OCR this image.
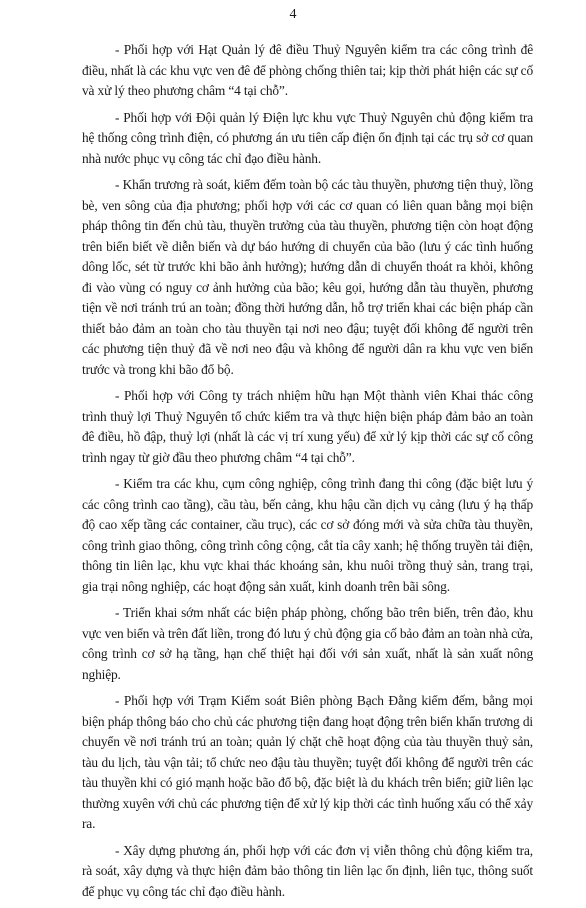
4

- Phối hợp với Hạt Quản lý đê điều Thuỷ Nguyên kiểm tra các công trình đê điều, nhất là các khu vực ven đê để phòng chống thiên tai; kịp thời phát hiện các sự cố và xử lý theo phương châm “4 tại chỗ”.

- Phối hợp với Đội quản lý Điện lực khu vực Thuỷ Nguyên chủ động kiểm tra hệ thống công trình điện, có phương án ưu tiên cấp điện ổn định tại các trụ sở cơ quan nhà nước phục vụ công tác chỉ đạo điều hành.

- Khẩn trương rà soát, kiểm đếm toàn bộ các tàu thuyền, phương tiện thuỷ, lồng bè, ven sông của địa phương; phối hợp với các cơ quan có liên quan bằng mọi biện pháp thông tin đến chủ tàu, thuyền trưởng của tàu thuyền, phương tiện còn hoạt động trên biển biết về diễn biến và dự báo hướng di chuyển của bão (lưu ý các tình huống dông lốc, sét từ trước khi bão ảnh hưởng); hướng dẫn di chuyển thoát ra khỏi, không đi vào vùng có nguy cơ ảnh hưởng của bão; kêu gọi, hướng dẫn tàu thuyền, phương tiện về nơi tránh trú an toàn; đồng thời hướng dẫn, hỗ trợ triển khai các biện pháp cần thiết bảo đảm an toàn cho tàu thuyền tại nơi neo đậu; tuyệt đối không để người trên các phương tiện thuỷ đã về nơi neo đậu và không để người dân ra khu vực ven biển trước và trong khi bão đổ bộ.

- Phối hợp với Công ty trách nhiệm hữu hạn Một thành viên Khai thác công trình thuỷ lợi Thuỷ Nguyên tổ chức kiểm tra và thực hiện biện pháp đảm bảo an toàn đê điều, hồ đập, thuỷ lợi (nhất là các vị trí xung yếu) để xử lý kịp thời các sự cố công trình ngay từ giờ đầu theo phương châm “4 tại chỗ”.

- Kiểm tra các khu, cụm công nghiệp, công trình đang thi công (đặc biệt lưu ý các công trình cao tầng), cầu tàu, bến cảng, khu hậu cần dịch vụ cảng (lưu ý hạ thấp độ cao xếp tầng các container, cầu trục), các cơ sở đóng mới và sửa chữa tàu thuyền, công trình giao thông, công trình công cộng, cắt tỉa cây xanh; hệ thống truyền tải điện, thông tin liên lạc, khu vực khai thác khoáng sản, khu nuôi trồng thuỷ sản, trang trại, gia trại nông nghiệp, các hoạt động sản xuất, kinh doanh trên bãi sông.

- Triển khai sớm nhất các biện pháp phòng, chống bão trên biển, trên đảo, khu vực ven biển và trên đất liền, trong đó lưu ý chủ động gia cố bảo đảm an toàn nhà cửa, công trình cơ sở hạ tầng, hạn chế thiệt hại đối với sản xuất, nhất là sản xuất nông nghiệp.

- Phối hợp với Trạm Kiểm soát Biên phòng Bạch Đằng kiểm đếm, bằng mọi biện pháp thông báo cho chủ các phương tiện đang hoạt động trên biển khẩn trương di chuyển về nơi tránh trú an toàn; quản lý chặt chẽ hoạt động của tàu thuyền thuỷ sản, tàu du lịch, tàu vận tải; tổ chức neo đậu tàu thuyền; tuyệt đối không để người trên các tàu thuyền khi có gió mạnh hoặc bão đổ bộ, đặc biệt là du khách trên biển; giữ liên lạc thường xuyên với chủ các phương tiện để xử lý kịp thời các tình huống xấu có thể xảy ra.

- Xây dựng phương án, phối hợp với các đơn vị viễn thông chủ động kiểm tra, rà soát, xây dựng và thực hiện đảm bảo thông tin liên lạc ổn định, liên tục, thông suốt để phục vụ công tác chỉ đạo điều hành.
